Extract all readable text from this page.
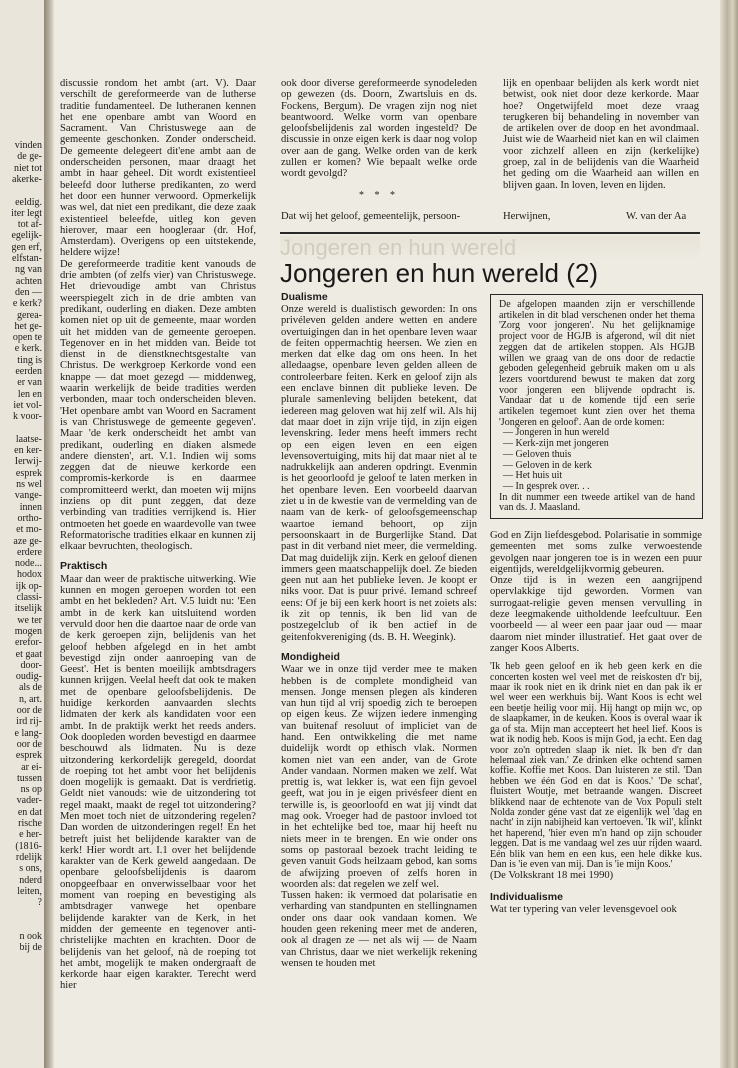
vinden
de ge-
niet tot
akerke-
eeldig.
iter legt
tot af-
egelijk-
gen erf,
elfstan-
ng van
achten
den —
e kerk?
gerea-
het ge-
open te
e kerk.
ting is
eerden
er van
len en
iet vol-
k voor-
laatse-
en ker-
Ierwij-
esprek
ns wel
vange-
innen
ortho-
et mo-
aze ge-
erdere
node...
hodox
ijk op-
classi-
itselijk
we ter
mogen
erefor-
et gaat
door-
oudig-
als de
n, art.
oor de
ird rij-
e lang-
oor de
esprek
ar ei-
tussen
ns op
vader-
en dat
rische
e her-
(1816-
rdelijk
s ons,
nderd
leiten,
?
n ook
bij de

discussie rondom het ambt (art. V). Daar verschilt de gereformeerde van de lutherse traditie fundamenteel. De lutheranen kennen het ene openbare ambt van Woord en Sacrament. Van Christuswege aan de gemeente geschonken. Zonder onderscheid. De gemeente delegeert dit'ene ambt aan de onderscheiden personen, maar draagt het ambt in haar geheel. Dit wordt existentieel beleefd door lutherse predikanten, zo werd het door een hunner verwoord. Opmerkelijk was wel, dat niet een predikant, die deze zaak existentieel beleefde, uitleg kon geven hierover, maar een hoogleraar (dr. Hof, Amsterdam). Overigens op een uitstekende, heldere wijze!

De gereformeerde traditie kent vanouds de drie ambten (of zelfs vier) van Christuswege. Het drievoudige ambt van Christus weerspiegelt zich in de drie ambten van predikant, ouderling en diaken. Deze ambten komen niet op uit de gemeente, maar worden uit het midden van de gemeente geroepen. Tegenover en in het midden van. Beide tot dienst in de dienstknechtsgestalte van Christus. De werkgroep Kerkorde vond een knappe — dat moet gezegd — middenweg, waarin werkelijk de beide tradities werden verbonden, maar toch onderscheiden bleven. 'Het openbare ambt van Woord en Sacrament is van Christuswege de gemeente gegeven'. Maar 'de kerk onderscheidt het ambt van predikant, ouderling en diaken alsmede andere diensten', art. V.1. Indien wij soms zeggen dat de nieuwe kerkorde een compromis-kerkorde is en daarmee compromitteerd werkt, dan moeten wij mijns inziens op dit punt zeggen, dat deze verbinding van tradities verrijkend is. Hier ontmoeten het goede en waardevolle van twee Reformatorische tradities elkaar en kunnen zij elkaar bevruchten, theologisch.

Praktisch

Maar dan weer de praktische uitwerking. Wie kunnen en mogen geroepen worden tot een ambt en het bekleden? Art. V.5 luidt nu: 'Een ambt in de kerk kan uitsluitend worden vervuld door hen die daartoe naar de orde van de kerk geroepen zijn, belijdenis van het geloof hebben afgelegd en in het ambt bevestigd zijn onder aanroeping van de Geest'. Het is benten moeilijk ambtsdragers kunnen krijgen. Veelal heeft dat ook te maken met de openbare geloofsbelijdenis. De huidige kerkorden aanvaarden slechts lidmaten der kerk als kandidaten voor een ambt. In de praktijk werkt het reeds anders. Ook doopleden worden bevestigd en daarmee beschouwd als lidmaten. Nu is deze uitzondering kerkordelijk geregeld, doordat de roeping tot het ambt voor het belijdenis doen mogelijk is gemaakt. Dat is verdrietig. Geldt niet vanouds: wie de uitzondering tot regel maakt, maakt de regel tot uitzondering? Men moet toch niet de uitzondering regelen? Dan worden de uitzonderingen regel! En het betreft juist het belijdende karakter van de kerk! Hier wordt art. I.1 over het belijdende karakter van de Kerk geweld aangedaan. De openbare geloofsbelijdenis is daarom onopgeefbaar en onverwisselbaar voor het moment van roeping en bevestiging als ambtsdrager vanwege het openbare belijdende karakter van de Kerk, in het midden der gemeente en tegenover anti-christelijke machten en krachten. Door de belijdenis van het geloof, nà de roeping tot het ambt, mogelijk te maken ondergraaft de kerkorde haar eigen karakter. Terecht werd hier

ook door diverse gereformeerde synodeleden op gewezen (ds. Doorn, Zwartsluis en ds. Fockens, Bergum). De vragen zijn nog niet beantwoord. Welke vorm van openbare geloofsbelijdenis zal worden ingesteld? De discussie in onze eigen kerk is daar nog volop over aan de gang. Welke orden van de kerk zullen er komen? Wie bepaalt welke orde wordt gevolgd?

* * *
Dat wij het geloof, gemeentelijk, persoon-

lijk en openbaar belijden als kerk wordt niet betwist, ook niet door deze kerkorde. Maar hoe? Ongetwijfeld moet deze vraag terugkeren bij behandeling in november van de artikelen over de doop en het avondmaal. Juist wie de Waarheid niet kan en wil claimen voor zichzelf alleen en zijn (kerkelijke) groep, zal in de belijdenis van die Waarheid het geding om die Waarheid aan willen en blijven gaan. In loven, leven en lijden.

Herwijnen,	W. van der Aa
Jongeren en hun wereld
Jongeren en hun wereld (2)
Dualisme

Onze wereld is dualistisch geworden: In ons privéleven gelden andere wetten en andere overtuigingen dan in het openbare leven waar de feiten oppermachtig heersen. We zien en merken dat elke dag om ons heen. In het alledaagse, openbare leven gelden alleen de controleerbare feiten. Kerk en geloof zijn als een enclave binnen dit publieke leven. De plurale samenleving belijden betekent, dat iedereen mag geloven wat hij zelf wil. Als hij dat maar doet in zijn vrije tijd, in zijn eigen levenskring. Ieder mens heeft immers recht op een eigen leven en een eigen levensovertuiging, mits hij dat maar niet al te nadrukkelijk aan anderen opdringt. Evenmin is het geoorloofd je geloof te laten merken in het openbare leven. Een voorbeeld daarvan ziet u in de kwestie van de vermelding van de naam van de kerk- of geloofsgemeenschap waartoe iemand behoort, op zijn persoonskaart in de Burgerlijke Stand. Dat past in dit verband niet meer, die vermelding. Dat mag duidelijk zijn. Kerk en geloof dienen immers geen maatschappelijk doel. Ze bieden geen nut aan het publieke leven. Je koopt er niks voor. Dat is puur privé. Iemand schreef eens: Of je bij een kerk hoort is net zoiets als: ik zit op tennis, ik ben lid van de postzegelclub of ik ben actief in de geitenfokvereniging (ds. B. H. Weegink).

Mondigheid

Waar we in onze tijd verder mee te maken hebben is de complete mondigheid van mensen. Jonge mensen plegen als kinderen van hun tijd al vrij spoedig zich te beroepen op eigen keus. Ze wijzen iedere inmenging van buitenaf resoluut of impliciet van de hand. Een ontwikkeling die met name duidelijk wordt op ethisch vlak. Normen komen niet van een ander, van de Grote Ander vandaan. Normen maken we zelf. Wat prettig is, wat lekker is, wat een fijn gevoel geeft, wat jou in je eigen privésfeer dient en terwille is, is geoorloofd en wat jij vindt dat mag ook. Vroeger had de pastoor invloed tot in het echtelijke bed toe, maar hij heeft nu niets meer in te brengen. En wie onder ons soms op pastoraal bezoek tracht leiding te geven vanuit Gods heilzaam gebod, kan soms de afwijzing proeven of zelfs horen in woorden als: dat regelen we zelf wel.

Tussen haken: ik vermoed dat polarisatie en verharding van standpunten en stellingnamen onder ons daar ook vandaan komen. We houden geen rekening meer met de anderen, ook al dragen ze — net als wij — de Naam van Christus, daar we niet werkelijk rekening wensen te houden met

De afgelopen maanden zijn er verschillende artikelen in dit blad verschenen onder het thema 'Zorg voor jongeren'. Nu het gelijknamige project voor de HGJB is afgerond, wil dit niet zeggen dat de artikelen stoppen. Als HGJB willen we graag van de ons door de redactie geboden gelegenheid gebruik maken om u als lezers voortdurend bewust te maken dat zorg voor jongeren een blijvende opdracht is. Vandaar dat u de komende tijd een serie artikelen tegemoet kunt zien over het thema 'Jongeren en geloof'. Aan de orde komen:

— Jongeren in hun wereld
— Kerk-zijn met jongeren
— Geloven thuis
— Geloven in de kerk
— Het huis uit
— In gesprek over. . .

In dit nummer een tweede artikel van de hand van ds. J. Maasland.

God en Zijn liefdesgebod. Polarisatie in sommige gemeenten met soms zulke verwoestende gevolgen naar jongeren toe is in wezen een puur eigentijds, wereldgelijkvormig gebeuren.

Onze tijd is in wezen een aangrijpend opervlakkige tijd geworden. Vormen van surrogaat-religie geven mensen vervulling in deze leegmakende uitholdende leefcultuur. Een voorbeeld — al weer een paar jaar oud — maar daarom niet minder illustratief. Het gaat over de zanger Koos Alberts.

'Ik heb geen geloof en ik heb geen kerk en die concerten kosten wel veel met de reiskosten d'r bij, maar ik rook niet en ik drink niet en dan pak ik er wel weer een werkhuis bij. Want Koos is echt wel een beetje heilig voor mij. Hij hangt op mijn wc, op de slaapkamer, in de keuken. Koos is overal waar ik ga of sta. Mijn man accepteert het heel lief. Koos is wat ik nodig heb. Koos is mijn God, ja echt. Een dag voor zo'n optreden slaap ik niet. Ik ben d'r dan helemaal ziek van.' Ze drinken elke ochtend samen koffie. Koffie met Koos. Dan luisteren ze stil. 'Dan hebben we één God en dat is Koos.' 'De schat', fluistert Woutje, met betraande wangen. Discreet blikkend naar de echtenote van de Vox Populi stelt Nolda zonder géne vast dat ze eigenlijk wel 'dag en nacht' in zijn nabijheid kan vertoeven. 'Ik wil', klinkt het haperend, 'hier even m'n hand op zijn schouder leggen. Dat is me vandaag wel zes uur rijden waard. Eén blik van hem en een kus, een hele dikke kus. Dan is 'ie even van mij. Dan is 'ie mijn Koos.'

(De Volkskrant 18 mei 1990)

Individualisme

Wat ter typering van veler levensgevoel ook
